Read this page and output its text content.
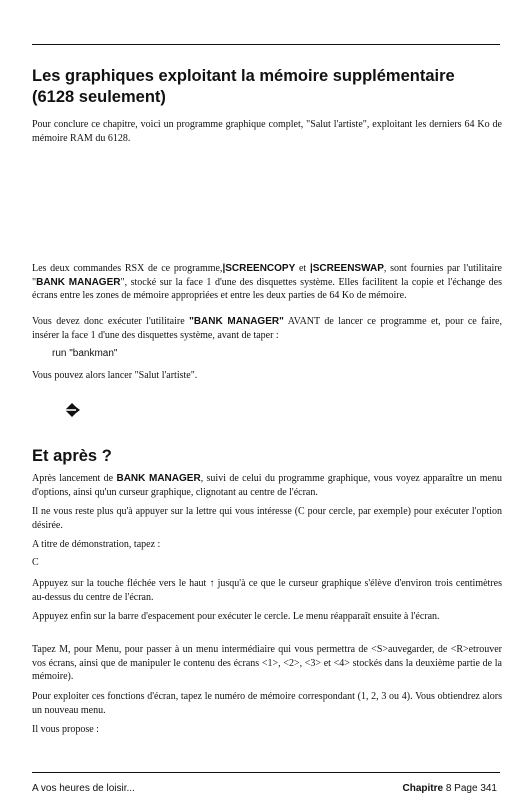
Les graphiques exploitant la mémoire supplémentaire (6128 seulement)

Pour conclure ce chapitre, voici un programme graphique complet, "Salut l'artiste", exploitant les derniers 64 Ko de mémoire RAM du 6128.

Les deux commandes RSX de ce programme,|SCREENCOPY et |SCREENSWAP, sont fournies par l'utilitaire "BANK MANAGER", stocké sur la face 1 d'une des disquettes système. Elles facilitent la copie et l'échange des écrans entre les zones de mémoire appropriées et entre les deux parties de 64 Ko de mémoire.

Vous devez donc exécuter l'utilitaire "BANK MANAGER" AVANT de lancer ce programme et, pour ce faire, insérer la face 1 d'une des disquettes système, avant de taper :

run "bankman"

Vous pouvez alors lancer "Salut l'artiste".

Et après ?

Après lancement de BANK MANAGER, suivi de celui du programme graphique, vous voyez apparaître un menu d'options, ainsi qu'un curseur graphique, clignotant au centre de l'écran.

Il ne vous reste plus qu'à appuyer sur la lettre qui vous intéresse (C pour cercle, par exemple) pour exécuter l'option désirée.

A titre de démonstration, tapez :

C

Appuyez sur la touche fléchée vers le haut ↑ jusqu'à ce que le curseur graphique s'élève d'environ trois centimètres au-dessus du centre de l'écran.

Appuyez enfin sur la barre d'espacement pour exécuter le cercle. Le menu réapparaît ensuite à l'écran.

Tapez M, pour Menu, pour passer à un menu intermédiaire qui vous permettra de <S>auvegarder, de <R>etrouver vos écrans, ainsi que de manipuler le contenu des écrans <1>, <2>, <3> et <4> stockés dans la deuxième partie de la mémoire).

Pour exploiter ces fonctions d'écran, tapez le numéro de mémoire correspondant (1, 2, 3 ou 4). Vous obtiendrez alors un nouveau menu.

Il vous propose :

A vos heures de loisir...	Chapitre 8 Page 341
